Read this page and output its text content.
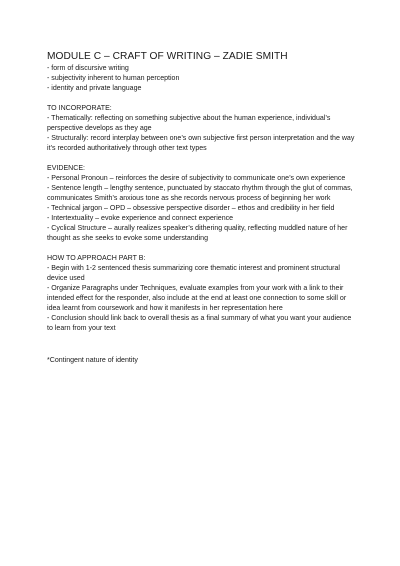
MODULE C – CRAFT OF WRITING – ZADIE SMITH
- form of discursive writing
- subjectivity inherent to human perception
- identity and private language
TO INCORPORATE:
- Thematically: reflecting on something subjective about the human experience, individual’s perspective develops as they age
- Structurally: record interplay between one’s own subjective first person interpretation and the way it’s recorded authoritatively through other text types
EVIDENCE:
- Personal Pronoun – reinforces the desire of subjectivity to communicate one’s own experience
- Sentence length – lengthy sentence, punctuated by staccato rhythm through the glut of commas, communicates Smith’s anxious tone as she records nervous process of beginning her work
- Technical jargon – OPD – obsessive perspective disorder – ethos and credibility in her field
- Intertextuality – evoke experience and connect experience
- Cyclical Structure – aurally realizes speaker’s dithering quality, reflecting muddled nature of her thought as she seeks to evoke some understanding
HOW TO APPROACH PART B:
- Begin with 1-2 sentenced thesis summarizing core thematic interest and prominent structural device used
- Organize Paragraphs under Techniques, evaluate examples from your work with a link to their intended effect for the responder, also include at the end at least one connection to some skill or idea learnt from coursework and how it manifests in her representation here
- Conclusion should link back to overall thesis as a final summary of what you want your audience to learn from your text
*Contingent nature of identity
